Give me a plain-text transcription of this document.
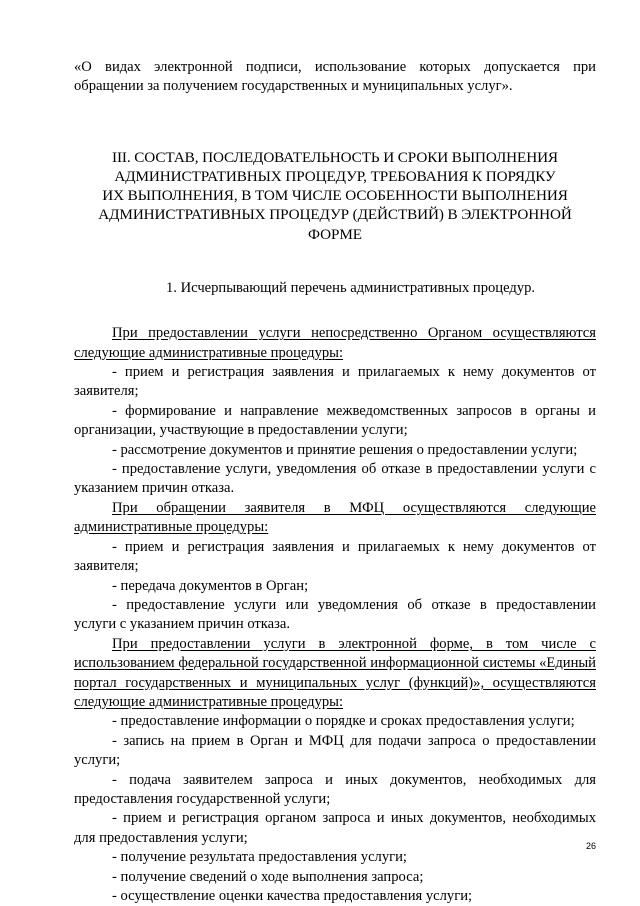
«О видах электронной подписи, использование которых допускается при обращении за получением государственных и муниципальных услуг».

III. СОСТАВ, ПОСЛЕДОВАТЕЛЬНОСТЬ И СРОКИ ВЫПОЛНЕНИЯ
АДМИНИСТРАТИВНЫХ ПРОЦЕДУР, ТРЕБОВАНИЯ К ПОРЯДКУ
ИХ ВЫПОЛНЕНИЯ, В ТОМ ЧИСЛЕ ОСОБЕННОСТИ ВЫПОЛНЕНИЯ
АДМИНИСТРАТИВНЫХ ПРОЦЕДУР (ДЕЙСТВИЙ) В ЭЛЕКТРОННОЙ ФОРМЕ

1. Исчерпывающий перечень административных процедур.

При предоставлении услуги непосредственно Органом осуществляются следующие административные процедуры:

- прием и регистрация заявления и прилагаемых к нему документов от заявителя;

- формирование и направление межведомственных запросов в органы и организации, участвующие в предоставлении услуги;

- рассмотрение документов и принятие решения о предоставлении услуги;

- предоставление услуги, уведомления об отказе в предоставлении услуги с указанием причин отказа.

При обращении заявителя в МФЦ осуществляются следующие административные процедуры:

- прием и регистрация заявления и прилагаемых к нему документов от заявителя;

- передача документов в Орган;

- предоставление услуги или уведомления об отказе в предоставлении услуги с указанием причин отказа.

При предоставлении услуги в электронной форме, в том числе с использованием федеральной государственной информационной системы «Единый портал государственных и муниципальных услуг (функций)», осуществляются следующие административные процедуры:

- предоставление информации о порядке и сроках предоставления услуги;

- запись на прием в Орган и МФЦ для подачи запроса о предоставлении услуги;

- подача заявителем запроса и иных документов, необходимых для предоставления государственной услуги;

- прием и регистрация органом запроса и иных документов, необходимых для предоставления услуги;

- получение результата предоставления услуги;

- получение сведений о ходе выполнения запроса;

- осуществление оценки качества предоставления услуги;

26
